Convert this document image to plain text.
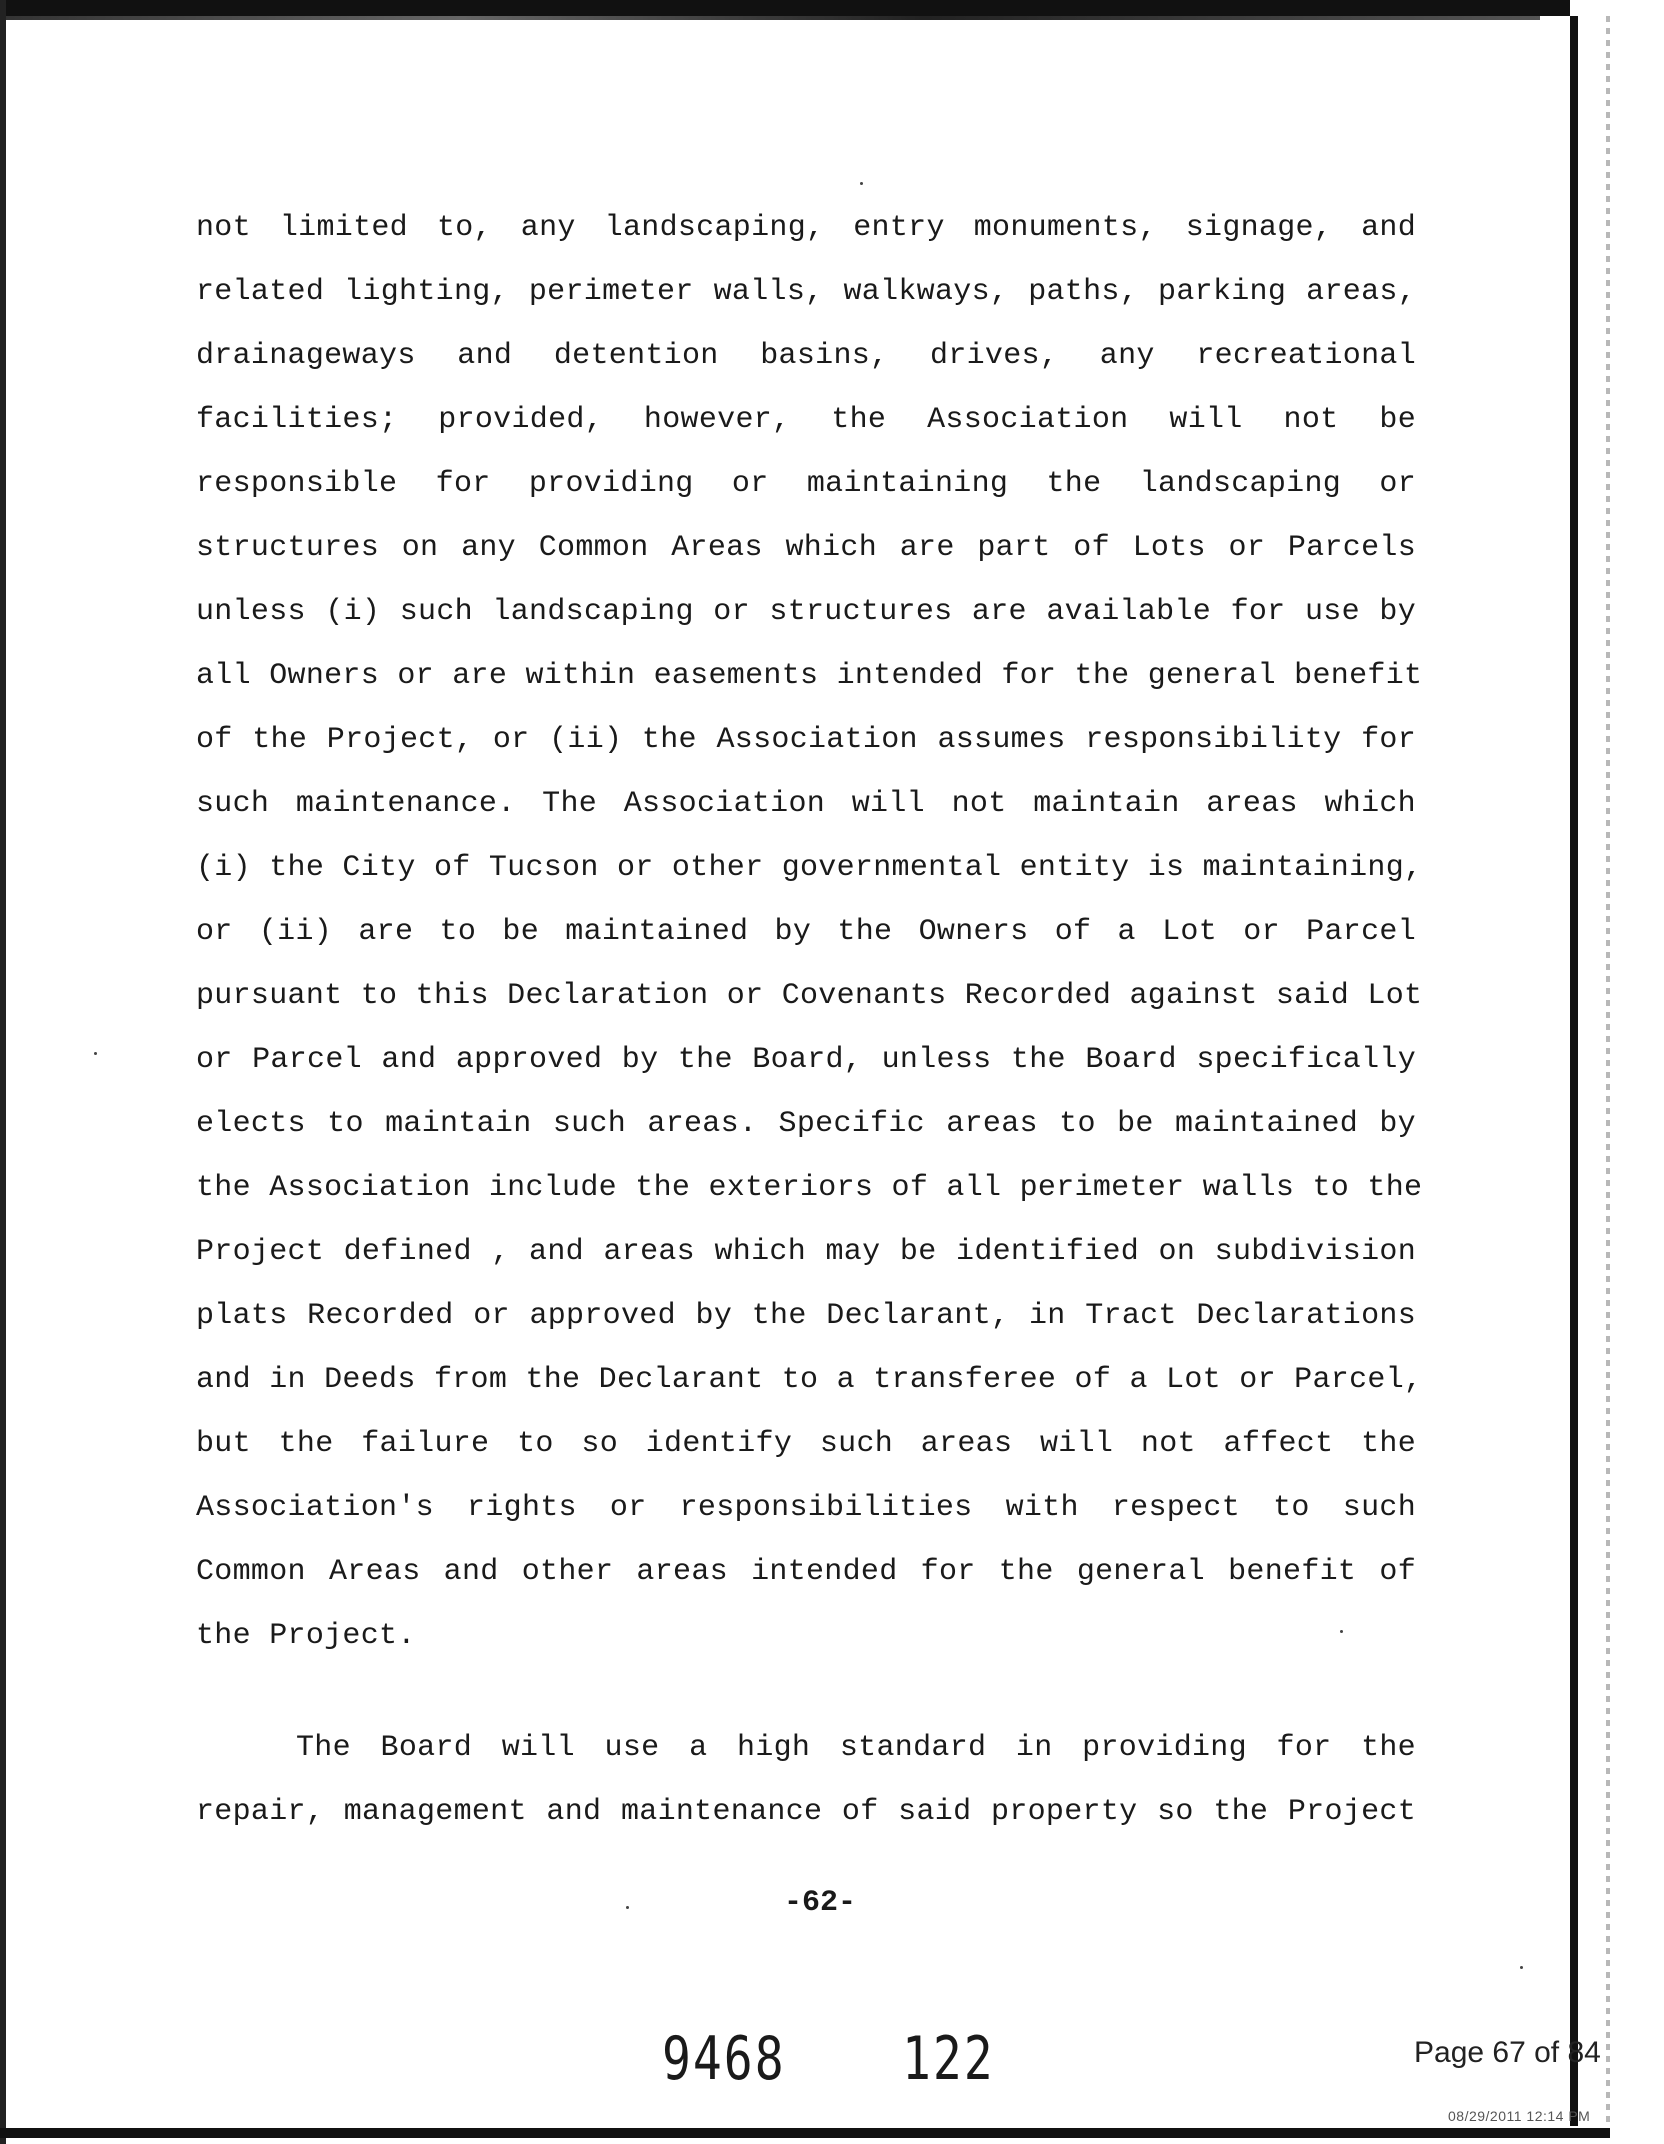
not limited to, any landscaping, entry monuments, signage, and
related lighting, perimeter walls, walkways, paths, parking areas,
drainageways and detention basins, drives, any recreational
facilities; provided, however, the Association will not be
responsible for providing or maintaining the landscaping or
structures on any Common Areas which are part of Lots or Parcels
unless (i) such landscaping or structures are available for use by
all Owners or are within easements intended for the general benefit
of the Project, or (ii) the Association assumes responsibility for
such maintenance. The Association will not maintain areas which
(i) the City of Tucson or other governmental entity is maintaining,
or (ii) are to be maintained by the Owners of a Lot or Parcel
pursuant to this Declaration or Covenants Recorded against said Lot
or Parcel and approved by the Board, unless the Board specifically
elects to maintain such areas. Specific areas to be maintained by
the Association include the exteriors of all perimeter walls to the
Project defined , and areas which may be identified on subdivision
plats Recorded or approved by the Declarant, in Tract Declarations
and in Deeds from the Declarant to a transferee of a Lot or Parcel,
but the failure to so identify such areas will not affect the
Association's rights or responsibilities with respect to such
Common Areas and other areas intended for the general benefit of
the Project.
The Board will use a high standard in providing for the
repair, management and maintenance of said property so the Project
-62-
9468 122	Page 67 of 84
08/29/2011 12:14 PM
